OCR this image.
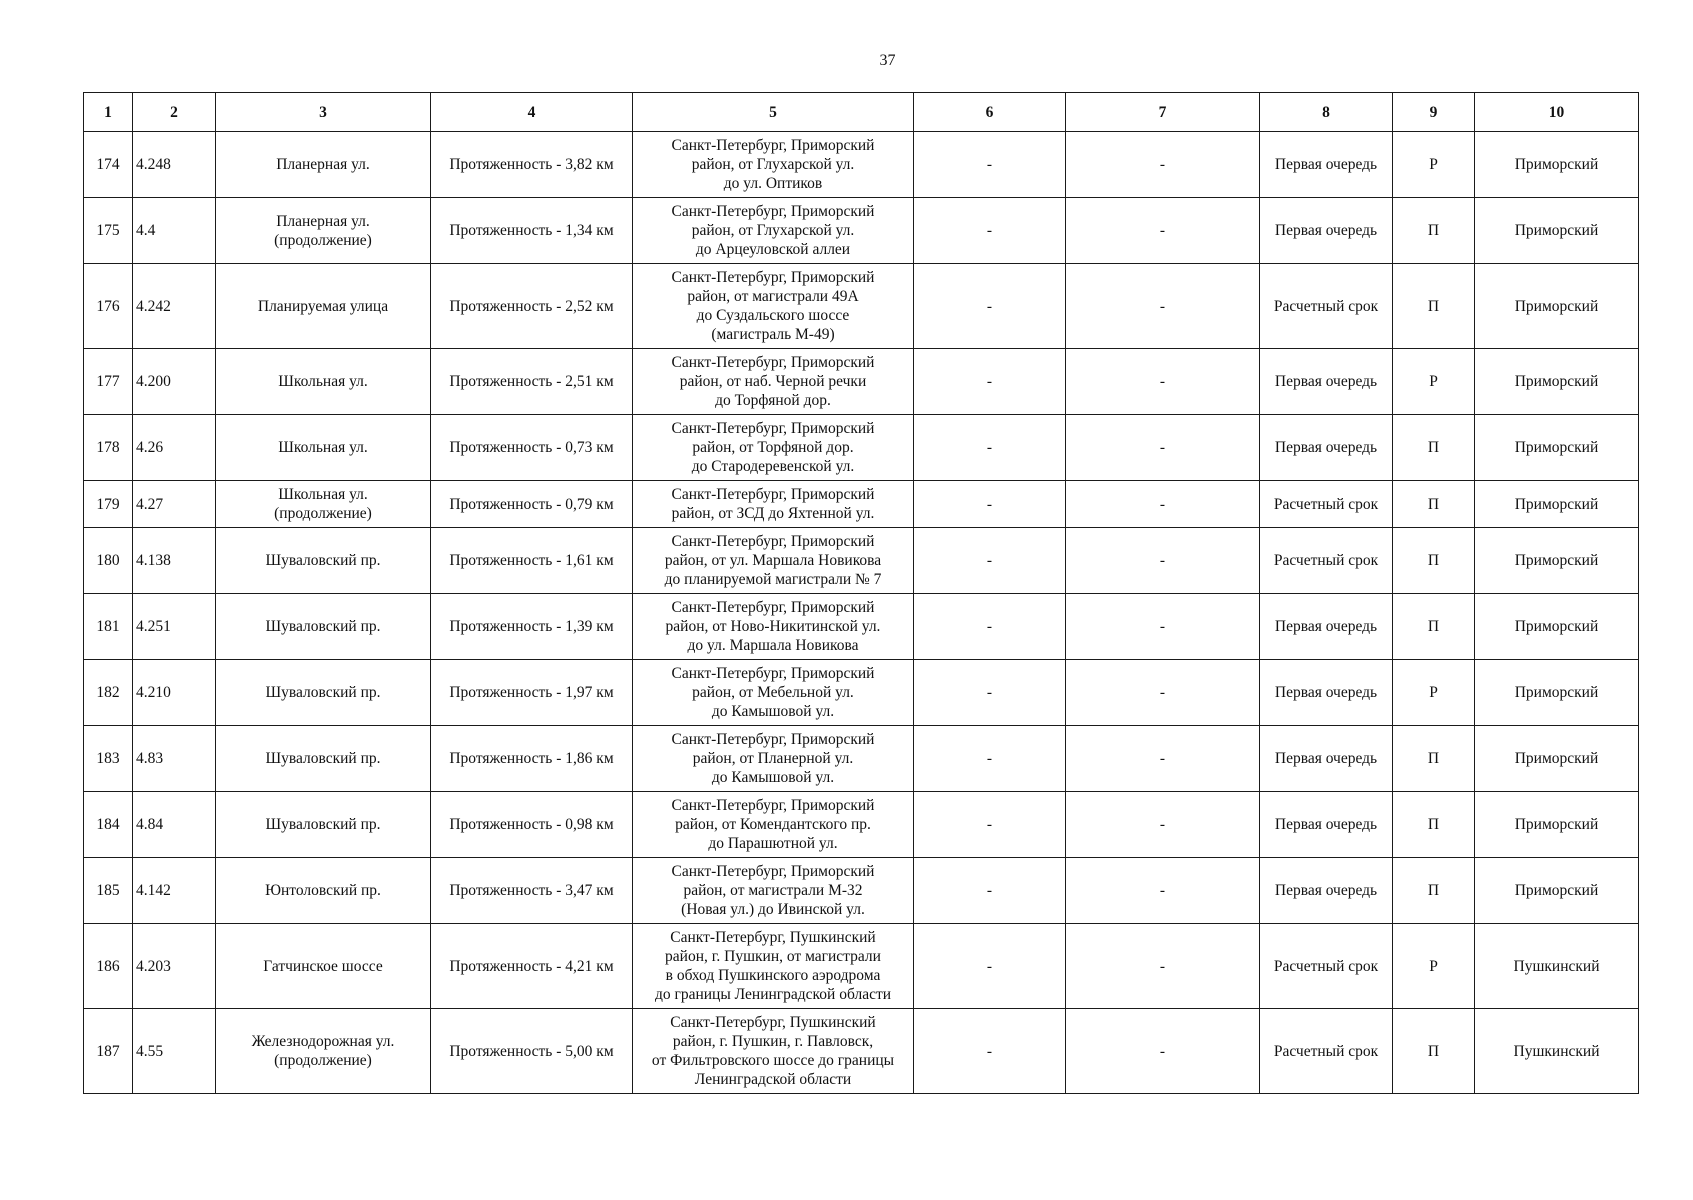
37
1	2	3	4	5	6	7	8	9	10
174	4.248	Планерная ул.	Протяженность - 3,82 км	Санкт-Петербург, Приморский
район, от Глухарской ул.
до ул. Оптиков	-	-	Первая очередь	Р	Приморский
175	4.4	Планерная ул.
(продолжение)	Протяженность - 1,34 км	Санкт-Петербург, Приморский
район, от Глухарской ул.
до Арцеуловской аллеи	-	-	Первая очередь	П	Приморский
176	4.242	Планируемая улица	Протяженность - 2,52 км	Санкт-Петербург, Приморский
район, от магистрали 49А
до Суздальского шоссе
(магистраль М-49)	-	-	Расчетный срок	П	Приморский
177	4.200	Школьная ул.	Протяженность - 2,51 км	Санкт-Петербург, Приморский
район, от наб. Черной речки
до Торфяной дор.	-	-	Первая очередь	Р	Приморский
178	4.26	Школьная ул.	Протяженность - 0,73 км	Санкт-Петербург, Приморский
район, от Торфяной дор.
до Стародеревенской ул.	-	-	Первая очередь	П	Приморский
179	4.27	Школьная ул.
(продолжение)	Протяженность - 0,79 км	Санкт-Петербург, Приморский
район, от ЗСД до Яхтенной ул.	-	-	Расчетный срок	П	Приморский
180	4.138	Шуваловский пр.	Протяженность - 1,61 км	Санкт-Петербург, Приморский
район, от ул. Маршала Новикова
до планируемой магистрали № 7	-	-	Расчетный срок	П	Приморский
181	4.251	Шуваловский пр.	Протяженность - 1,39 км	Санкт-Петербург, Приморский
район, от Ново-Никитинской ул.
до ул. Маршала Новикова	-	-	Первая очередь	П	Приморский
182	4.210	Шуваловский пр.	Протяженность - 1,97 км	Санкт-Петербург, Приморский
район, от Мебельной ул.
до Камышовой ул.	-	-	Первая очередь	Р	Приморский
183	4.83	Шуваловский пр.	Протяженность - 1,86 км	Санкт-Петербург, Приморский
район, от Планерной ул.
до Камышовой ул.	-	-	Первая очередь	П	Приморский
184	4.84	Шуваловский пр.	Протяженность - 0,98 км	Санкт-Петербург, Приморский
район, от Комендантского пр.
до Парашютной ул.	-	-	Первая очередь	П	Приморский
185	4.142	Юнтоловский пр.	Протяженность - 3,47 км	Санкт-Петербург, Приморский
район, от магистрали М-32
(Новая ул.) до Ивинской ул.	-	-	Первая очередь	П	Приморский
186	4.203	Гатчинское шоссе	Протяженность - 4,21 км	Санкт-Петербург, Пушкинский
район, г. Пушкин, от магистрали
в обход Пушкинского аэродрома
до границы Ленинградской области	-	-	Расчетный срок	Р	Пушкинский
187	4.55	Железнодорожная ул.
(продолжение)	Протяженность - 5,00 км	Санкт-Петербург, Пушкинский
район, г. Пушкин, г. Павловск,
от Фильтровского шоссе до границы
Ленинградской области	-	-	Расчетный срок	П	Пушкинский
